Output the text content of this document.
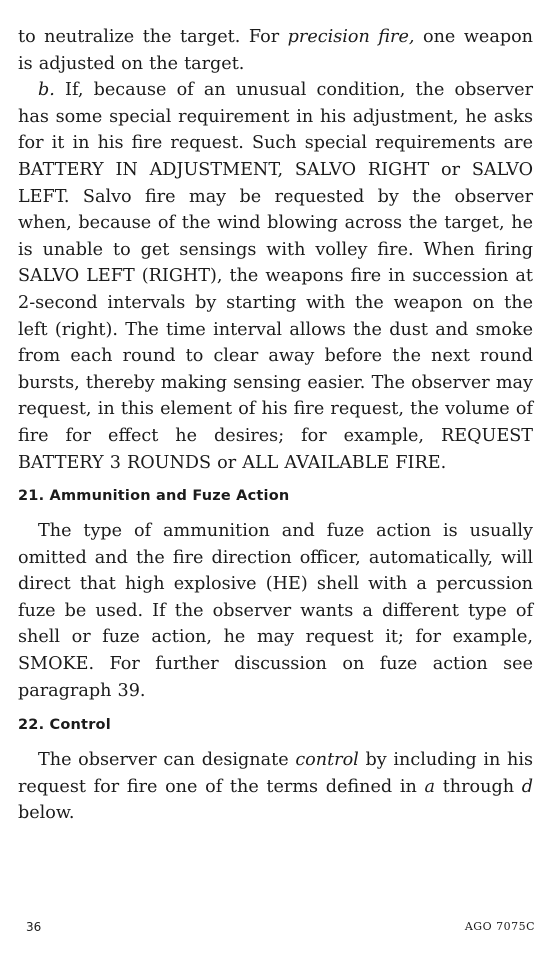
to neutralize the target. For precision fire, one weapon is adjusted on the target.

b. If, because of an unusual condition, the observer has some special requirement in his adjustment, he asks for it in his fire request. Such special requirements are BATTERY IN ADJUSTMENT, SALVO RIGHT or SALVO LEFT. Salvo fire may be requested by the observer when, because of the wind blowing across the target, he is unable to get sensings with volley fire. When firing SALVO LEFT (RIGHT), the weapons fire in succession at 2-second intervals by starting with the weapon on the left (right). The time interval allows the dust and smoke from each round to clear away before the next round bursts, thereby making sensing easier. The observer may request, in this element of his fire request, the volume of fire for effect he desires; for example, REQUEST BATTERY 3 ROUNDS or ALL AVAILABLE FIRE.

21. Ammunition and Fuze Action

The type of ammunition and fuze action is usually omitted and the fire direction officer, automatically, will direct that high explosive (HE) shell with a percussion fuze be used. If the observer wants a different type of shell or fuze action, he may request it; for example, SMOKE. For further discussion on fuze action see paragraph 39.

22. Control

The observer can designate control by including in his request for fire one of the terms defined in a through d below.

36	AGO 7075C
